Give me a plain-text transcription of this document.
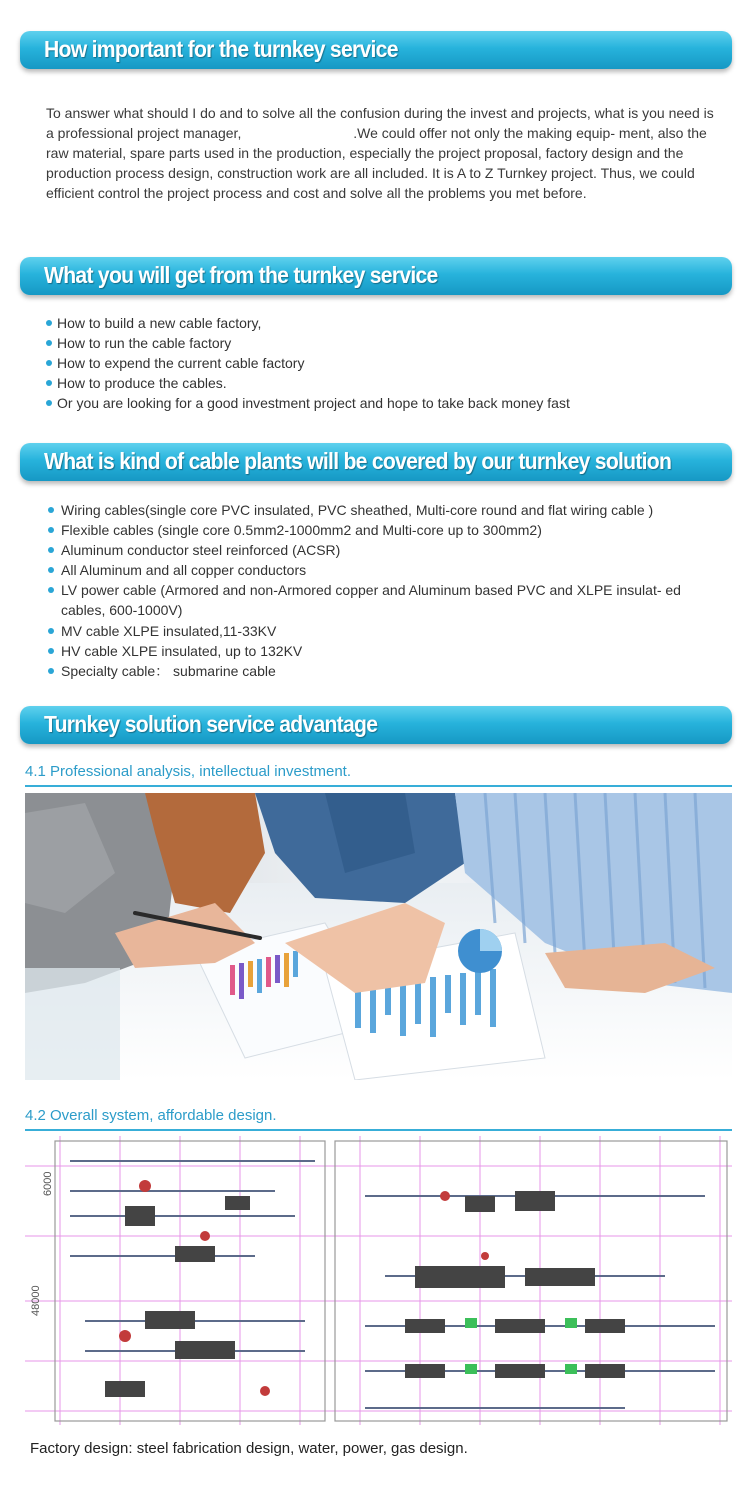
How important for the turnkey service

To answer what should I do and to solve all the confusion during the invest and projects, what is you need is a professional project manager,	.We could offer not only the making equip- ment, also the raw material, spare parts used in the production, especially the project proposal, factory design and the production process design, construction work are all included. It is A to Z Turnkey project. Thus, we could efficient control the project process and cost and solve all the problems you met before.

What you will get from the turnkey service
How to build a new cable factory,
How to run the cable factory
How to expend the current cable factory
How to produce the cables.
Or you are looking for a good investment project and hope to take back money fast
What is kind of cable plants will be covered by our turnkey solution
Wiring cables(single core PVC insulated, PVC sheathed, Multi-core round and flat wiring cable )
Flexible cables (single core 0.5mm2-1000mm2 and Multi-core up to 300mm2)
Aluminum conductor steel reinforced (ACSR)
All Aluminum and all copper conductors
LV power cable (Armored and non-Armored copper and Aluminum based PVC and XLPE insulat- ed cables, 600-1000V)
MV cable XLPE insulated,11-33KV
HV cable XLPE insulated, up to 132KV
Specialty cable： submarine cable
Turnkey solution service advantage
4.1 Professional analysis, intellectual investment.
4.2 Overall system, affordable design.
6000
48000
Factory design: steel fabrication design, water, power, gas design.
